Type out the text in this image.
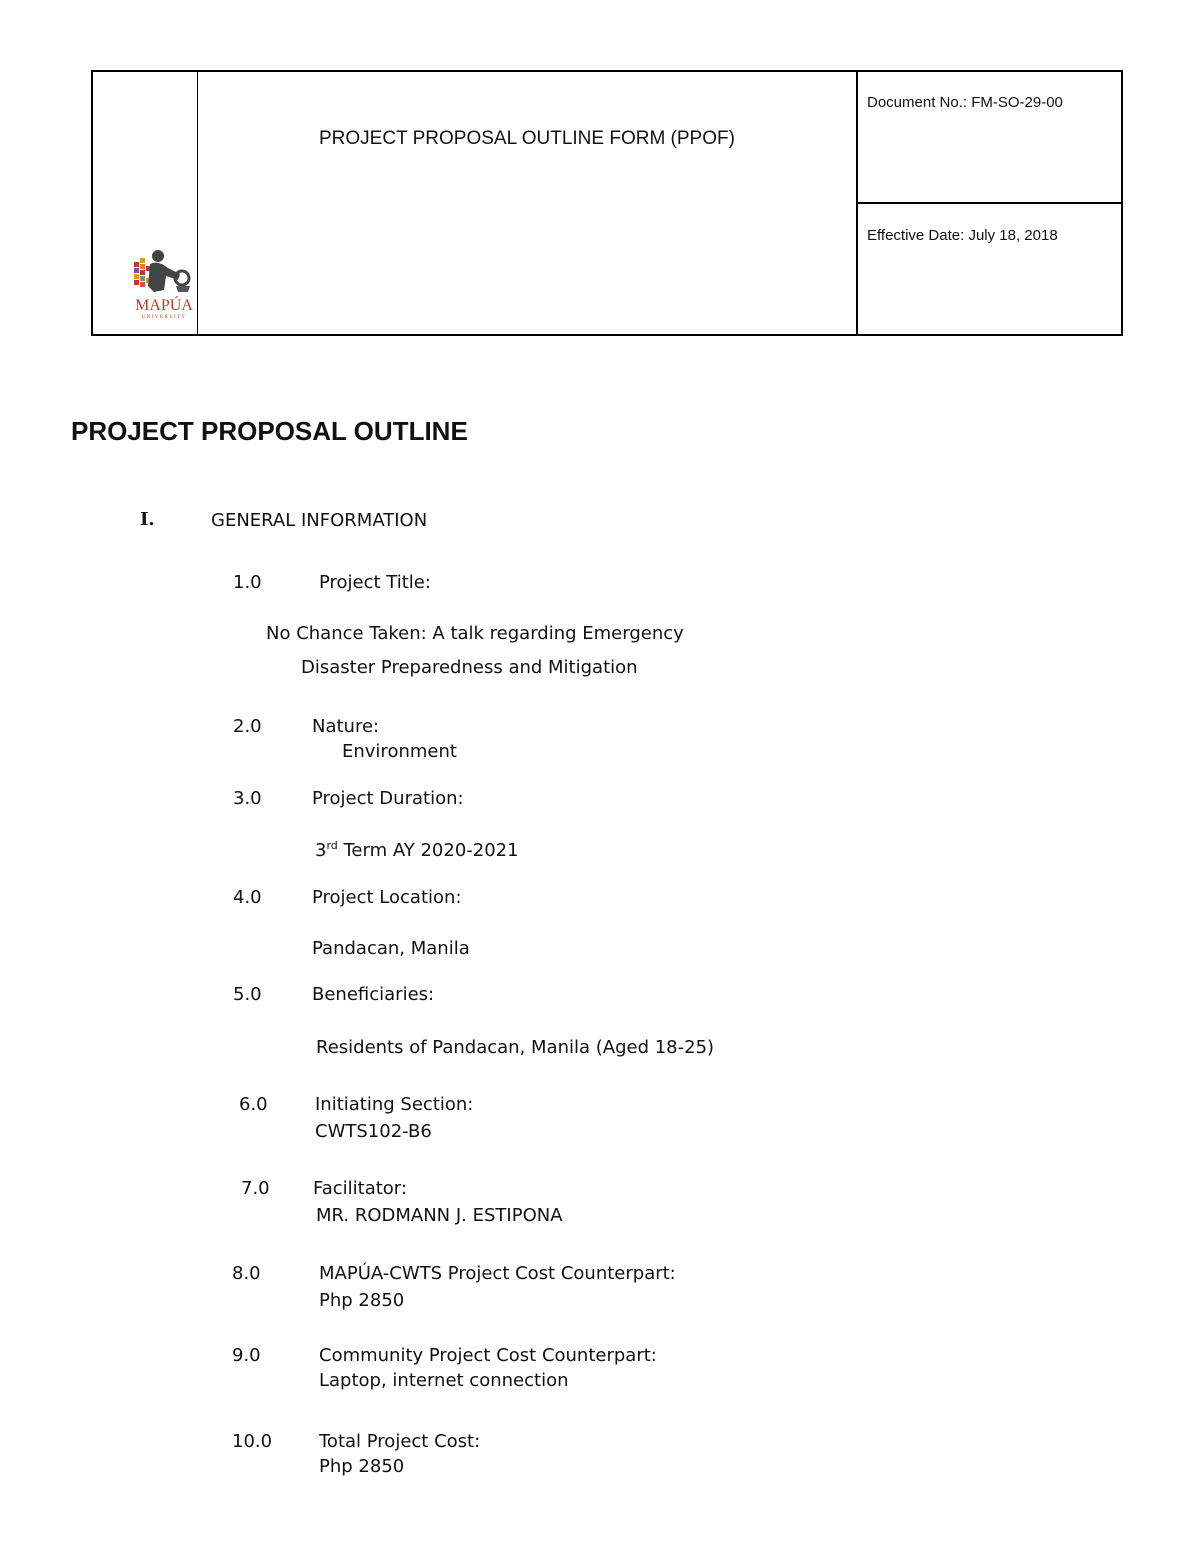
MAPÚA
UNIVERSITY
PROJECT PROPOSAL OUTLINE FORM (PPOF)
Document No.: FM-SO-29-00
Effective Date: July 18, 2018
PROJECT PROPOSAL OUTLINE
I.	GENERAL INFORMATION
1.0	Project Title:
No Chance Taken: A talk regarding Emergency
Disaster Preparedness and Mitigation
2.0	Nature:
Environment
3.0	Project Duration:
3rd Term AY 2020-2021
4.0	Project Location:
Pandacan, Manila
5.0	Beneficiaries:
Residents of Pandacan, Manila (Aged 18-25)
6.0	Initiating Section:
CWTS102-B6
7.0 Facilitator:
MR. RODMANN J. ESTIPONA
8.0	MAPÚA-CWTS Project Cost Counterpart:
Php 2850
9.0	Community Project Cost Counterpart:
Laptop, internet connection
10.0	Total Project Cost:
Php 2850
